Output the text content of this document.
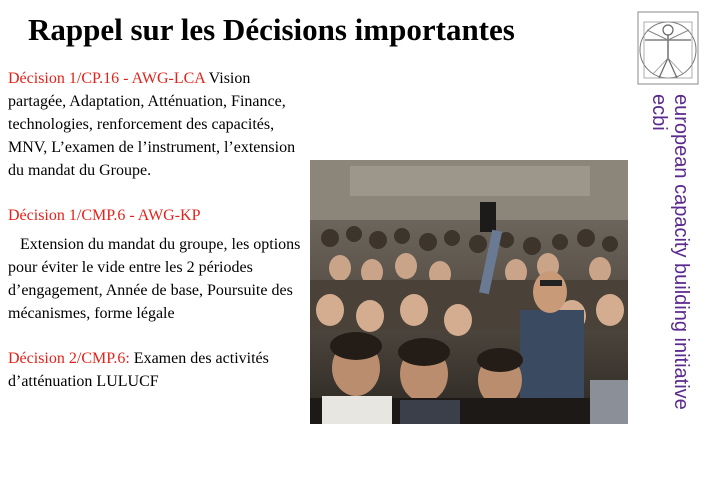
Rappel sur les Décisions importantes
european capacity building initiative
ecbi

Décision 1/CP.16 - AWG-LCA Vision partagée, Adaptation, Atténuation, Finance, technologies, renforcement des capacités, MNV, L’examen de l’instrument, l’extension du mandat du Groupe.

Décision 1/CMP.6 - AWG-KP

Extension du mandat du groupe, les options pour éviter le vide entre les 2 périodes d’engagement, Année de base, Poursuite des mécanismes, forme légale

Décision 2/CMP.6: Examen des activités d’atténuation LULUCF
